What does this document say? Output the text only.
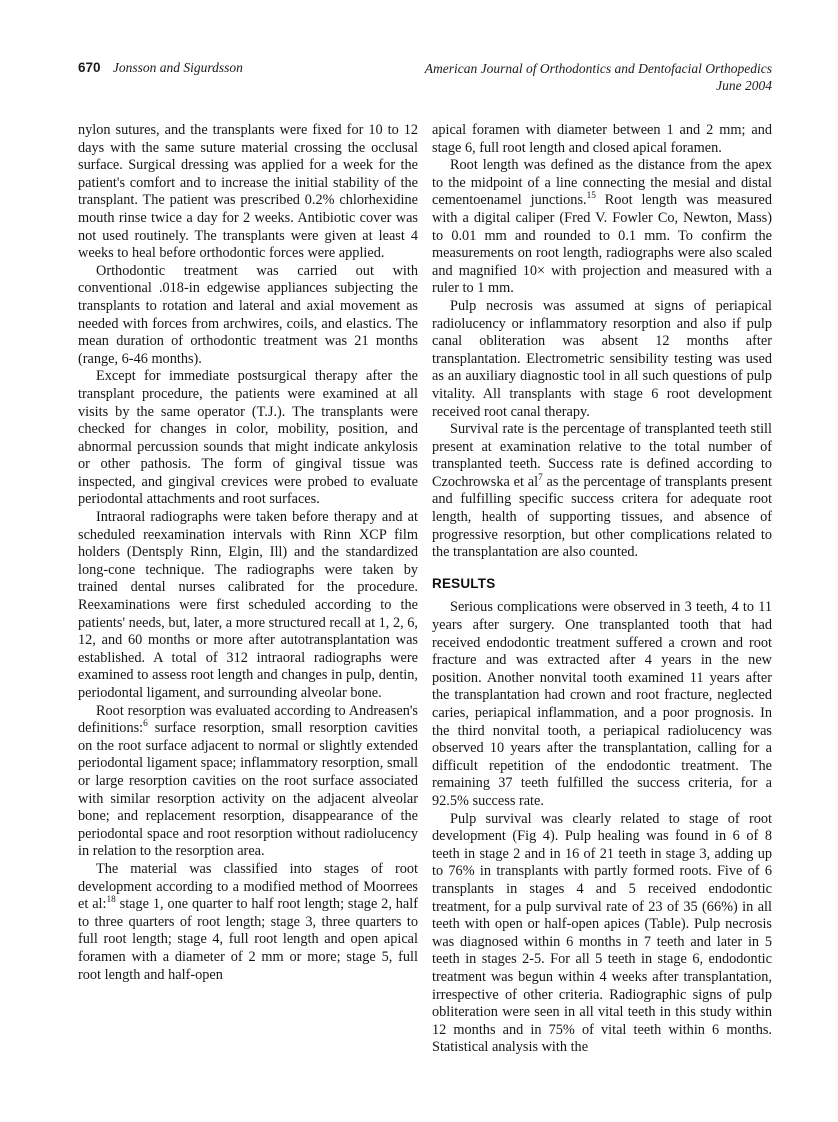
670 Jonsson and Sigurdsson	American Journal of Orthodontics and Dentofacial Orthopedics
June 2004

nylon sutures, and the transplants were fixed for 10 to 12 days with the same suture material crossing the occlusal surface. Surgical dressing was applied for a week for the patient's comfort and to increase the initial stability of the transplant. The patient was prescribed 0.2% chlorhexidine mouth rinse twice a day for 2 weeks. Antibiotic cover was not used routinely. The transplants were given at least 4 weeks to heal before orthodontic forces were applied.

Orthodontic treatment was carried out with conventional .018-in edgewise appliances subjecting the transplants to rotation and lateral and axial movement as needed with forces from archwires, coils, and elastics. The mean duration of orthodontic treatment was 21 months (range, 6-46 months).

Except for immediate postsurgical therapy after the transplant procedure, the patients were examined at all visits by the same operator (T.J.). The transplants were checked for changes in color, mobility, position, and abnormal percussion sounds that might indicate ankylosis or other pathosis. The form of gingival tissue was inspected, and gingival crevices were probed to evaluate periodontal attachments and root surfaces.

Intraoral radiographs were taken before therapy and at scheduled reexamination intervals with Rinn XCP film holders (Dentsply Rinn, Elgin, Ill) and the standardized long-cone technique. The radiographs were taken by trained dental nurses calibrated for the procedure. Reexaminations were first scheduled according to the patients' needs, but, later, a more structured recall at 1, 2, 6, 12, and 60 months or more after autotransplantation was established. A total of 312 intraoral radiographs were examined to assess root length and changes in pulp, dentin, periodontal ligament, and surrounding alveolar bone.

Root resorption was evaluated according to Andreasen's definitions:$^6$ surface resorption, small resorption cavities on the root surface adjacent to normal or slightly extended periodontal ligament space; inflammatory resorption, small or large resorption cavities on the root surface associated with similar resorption activity on the adjacent alveolar bone; and replacement resorption, disappearance of the periodontal space and root resorption without radiolucency in relation to the resorption area.

The material was classified into stages of root development according to a modified method of Moorrees et al:$^{18}$ stage 1, one quarter to half root length; stage 2, half to three quarters of root length; stage 3, three quarters to full root length; stage 4, full root length and open apical foramen with a diameter of 2 mm or more; stage 5, full root length and half-open

apical foramen with diameter between 1 and 2 mm; and stage 6, full root length and closed apical foramen.

Root length was defined as the distance from the apex to the midpoint of a line connecting the mesial and distal cementoenamel junctions.$^{15}$ Root length was measured with a digital caliper (Fred V. Fowler Co, Newton, Mass) to 0.01 mm and rounded to 0.1 mm. To confirm the measurements on root length, radiographs were also scaled and magnified 10× with projection and measured with a ruler to 1 mm.

Pulp necrosis was assumed at signs of periapical radiolucency or inflammatory resorption and also if pulp canal obliteration was absent 12 months after transplantation. Electrometric sensibility testing was used as an auxiliary diagnostic tool in all such questions of pulp vitality. All transplants with stage 6 root development received root canal therapy.

Survival rate is the percentage of transplanted teeth still present at examination relative to the total number of transplanted teeth. Success rate is defined according to Czochrowska et al$^7$ as the percentage of transplants present and fulfilling specific success critera for adequate root length, health of supporting tissues, and absence of progressive resorption, but other complications related to the transplantation are also counted.

RESULTS

Serious complications were observed in 3 teeth, 4 to 11 years after surgery. One transplanted tooth that had received endodontic treatment suffered a crown and root fracture and was extracted after 4 years in the new position. Another nonvital tooth examined 11 years after the transplantation had crown and root fracture, neglected caries, periapical inflammation, and a poor prognosis. In the third nonvital tooth, a periapical radiolucency was observed 10 years after the transplantation, calling for a difficult repetition of the endodontic treatment. The remaining 37 teeth fulfilled the success criteria, for a 92.5% success rate.

Pulp survival was clearly related to stage of root development (Fig 4). Pulp healing was found in 6 of 8 teeth in stage 2 and in 16 of 21 teeth in stage 3, adding up to 76% in transplants with partly formed roots. Five of 6 transplants in stages 4 and 5 received endodontic treatment, for a pulp survival rate of 23 of 35 (66%) in all teeth with open or half-open apices (Table). Pulp necrosis was diagnosed within 6 months in 7 teeth and later in 5 teeth in stages 2-5. For all 5 teeth in stage 6, endodontic treatment was begun within 4 weeks after transplantation, irrespective of other criteria. Radiographic signs of pulp obliteration were seen in all vital teeth in this study within 12 months and in 75% of vital teeth within 6 months. Statistical analysis with the
